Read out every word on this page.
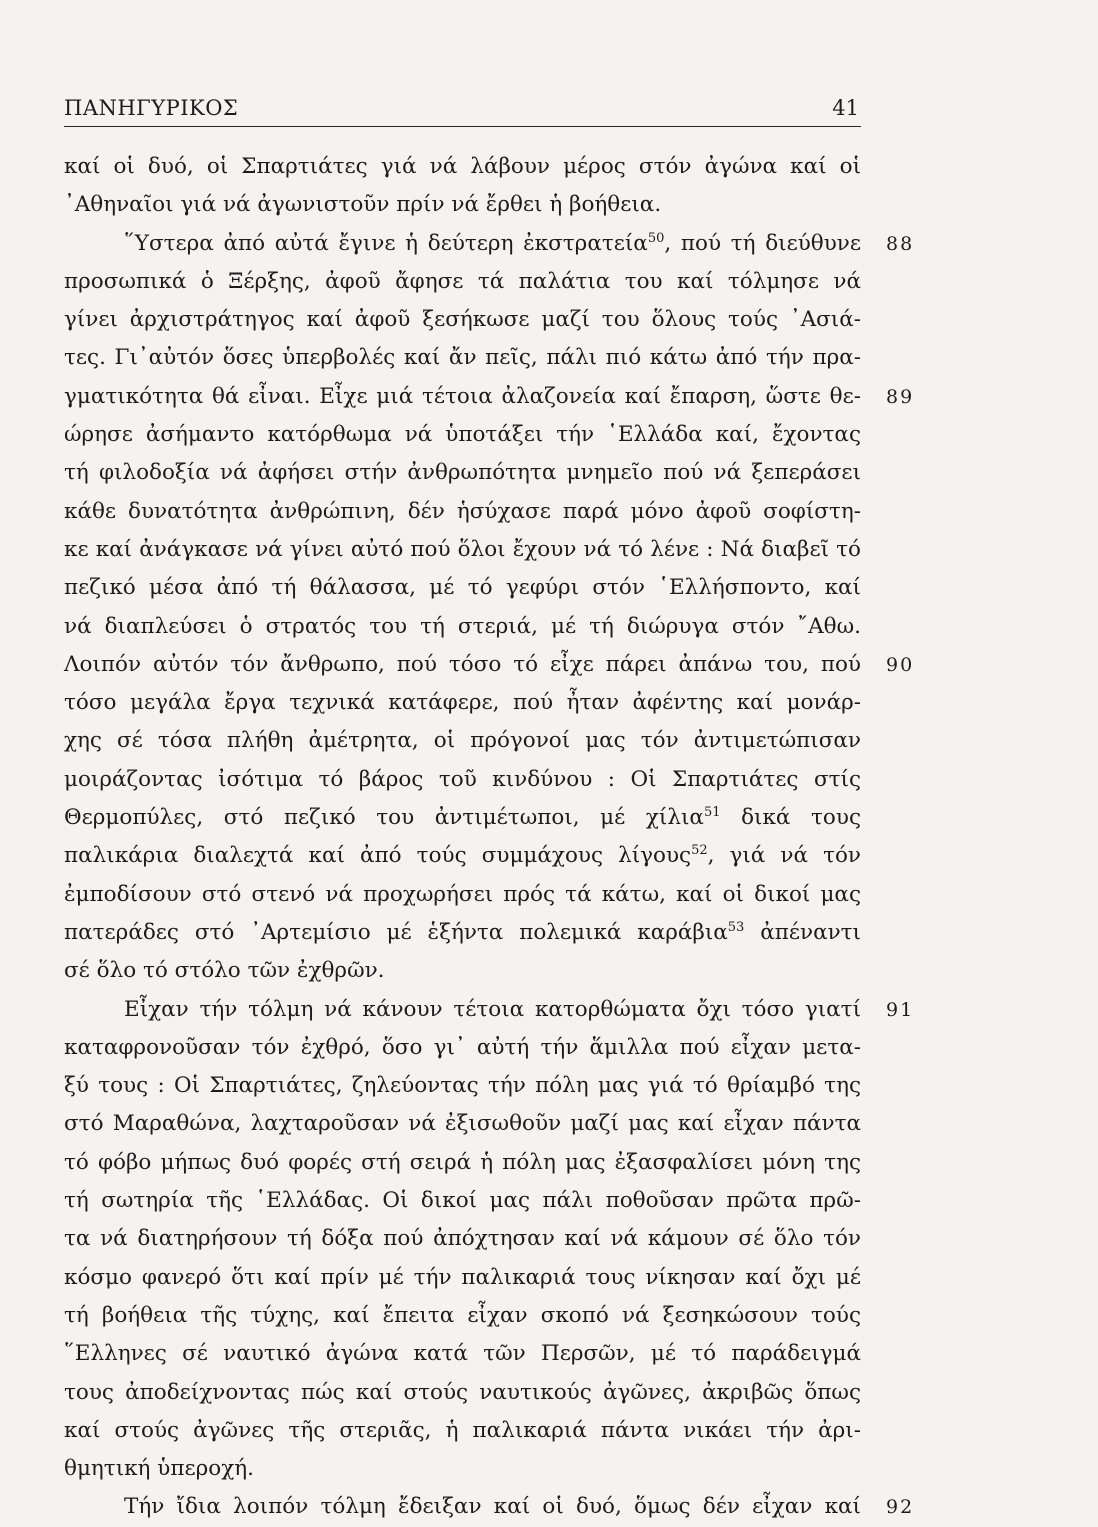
ΠΑΝΗΓΥΡΙΚΟΣ	41
καί οἱ δυό, οἱ Σπαρτιάτες γιά νά λάβουν μέρος στόν ἀγώνα καί οἱ
᾿Αθηναῖοι γιά νά ἀγωνιστοῦν πρίν νά ἔρθει ἡ βοήθεια.
῞Υστερα ἀπό αὐτά ἔγινε ἡ δεύτερη ἐκστρατεία$^{50}$, πού τή διεύθυνε 88
προσωπικά ὁ Ξέρξης, ἀφοῦ ἄφησε τά παλάτια του καί τόλμησε νά
γίνει ἀρχιστράτηγος καί ἀφοῦ ξεσήκωσε μαζί του ὅλους τούς ᾿Ασιά-
τες. Γι᾿αὐτόν ὅσες ὑπερβολές καί ἄν πεῖς, πάλι πιό κάτω ἀπό τήν πρα-
γματικότητα θά εἶναι. Εἶχε μιά τέτοια ἀλαζονεία καί ἔπαρση, ὥστε θε- 89
ώρησε ἀσήμαντο κατόρθωμα νά ὑποτάξει τήν ῾Ελλάδα καί, ἔχοντας
τή φιλοδοξία νά ἀφήσει στήν ἀνθρωπότητα μνημεῖο πού νά ξεπεράσει
κάθε δυνατότητα ἀνθρώπινη, δέν ἡσύχασε παρά μόνο ἀφοῦ σοφίστη-
κε καί ἀνάγκασε νά γίνει αὐτό πού ὅλοι ἔχουν νά τό λένε : Νά διαβεῖ τό
πεζικό μέσα ἀπό τή θάλασσα, μέ τό γεφύρι στόν ῾Ελλήσποντο, καί
νά διαπλεύσει ὁ στρατός του τή στεριά, μέ τή διώρυγα στόν ῎Αθω.
Λοιπόν αὐτόν τόν ἄνθρωπο, πού τόσο τό εἶχε πάρει ἀπάνω του, πού 90
τόσο μεγάλα ἔργα τεχνικά κατάφερε, πού ἦταν ἀφέντης καί μονάρ-
χης σέ τόσα πλήθη ἀμέτρητα, οἱ πρόγονοί μας τόν ἀντιμετώπισαν
μοιράζοντας ἰσότιμα τό βάρος τοῦ κινδύνου : Οἱ Σπαρτιάτες στίς
Θερμοπύλες, στό πεζικό του ἀντιμέτωποι, μέ χίλια$^{51}$ δικά τους
παλικάρια διαλεχτά καί ἀπό τούς συμμάχους λίγους$^{52}$, γιά νά τόν
ἐμποδίσουν στό στενό νά προχωρήσει πρός τά κάτω, καί οἱ δικοί μας
πατεράδες στό ᾿Αρτεμίσιο μέ ἑξήντα πολεμικά καράβια$^{53}$ ἀπέναντι
σέ ὅλο τό στόλο τῶν ἐχθρῶν.
Εἶχαν τήν τόλμη νά κάνουν τέτοια κατορθώματα ὄχι τόσο γιατί 91
καταφρονοῦσαν τόν ἐχθρό, ὅσο γι᾿ αὐτή τήν ἅμιλλα πού εἶχαν μετα-
ξύ τους : Οἱ Σπαρτιάτες, ζηλεύοντας τήν πόλη μας γιά τό θρίαμβό της
στό Μαραθώνα, λαχταροῦσαν νά ἐξισωθοῦν μαζί μας καί εἶχαν πάντα
τό φόβο μήπως δυό φορές στή σειρά ἡ πόλη μας ἐξασφαλίσει μόνη της
τή σωτηρία τῆς ῾Ελλάδας. Οἱ δικοί μας πάλι ποθοῦσαν πρῶτα πρῶ-
τα νά διατηρήσουν τή δόξα πού ἀπόχτησαν καί νά κάμουν σέ ὅλο τόν
κόσμο φανερό ὅτι καί πρίν μέ τήν παλικαριά τους νίκησαν καί ὄχι μέ
τή βοήθεια τῆς τύχης, καί ἔπειτα εἶχαν σκοπό νά ξεσηκώσουν τούς
῞Ελληνες σέ ναυτικό ἀγώνα κατά τῶν Περσῶν, μέ τό παράδειγμά
τους ἀποδείχνοντας πώς καί στούς ναυτικούς ἀγῶνες, ἀκριβῶς ὅπως
καί στούς ἀγῶνες τῆς στεριᾶς, ἡ παλικαριά πάντα νικάει τήν ἀρι-
θμητική ὑπεροχή.
Τήν ἴδια λοιπόν τόλμη ἔδειξαν καί οἱ δυό, ὅμως δέν εἶχαν καί 92
